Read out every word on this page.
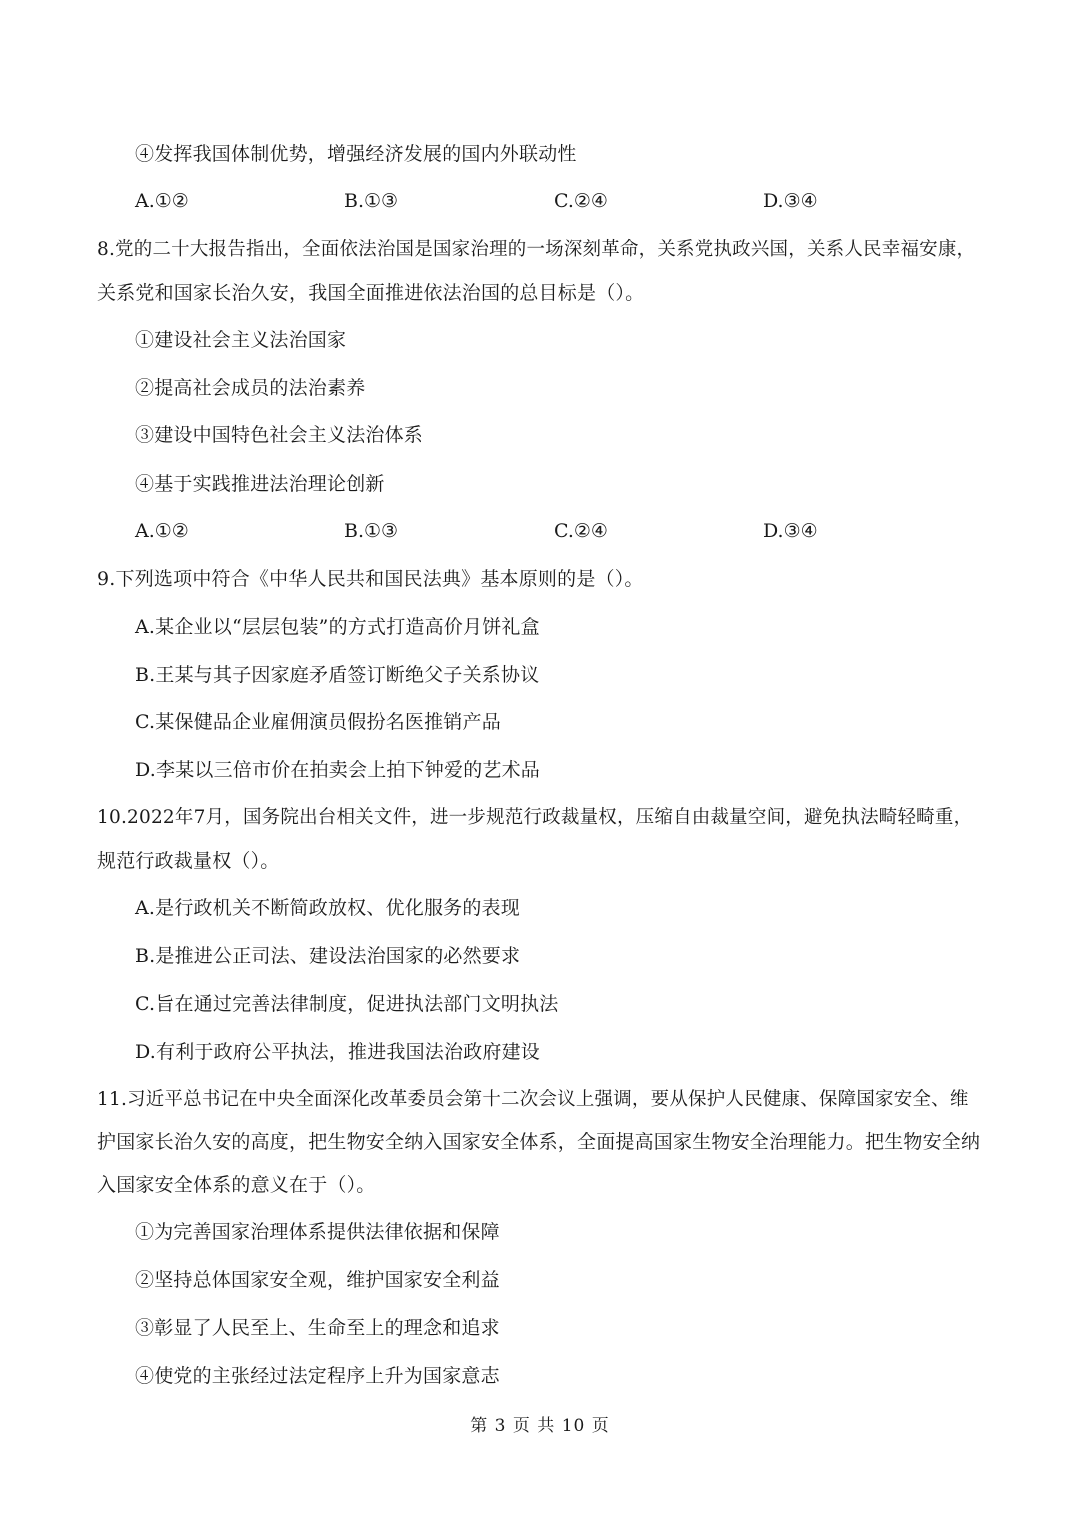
④发挥我国体制优势，增强经济发展的国内外联动性
A.①②	B.①③	C.②④	D.③④
8.党的二十大报告指出，全面依法治国是国家治理的一场深刻革命，关系党执政兴国，关系人民幸福安康，
关系党和国家长治久安，我国全面推进依法治国的总目标是（）。
①建设社会主义法治国家
②提高社会成员的法治素养
③建设中国特色社会主义法治体系
④基于实践推进法治理论创新
A.①②	B.①③	C.②④	D.③④
9.下列选项中符合《中华人民共和国民法典》基本原则的是（）。
A.某企业以“层层包装”的方式打造高价月饼礼盒
B.王某与其子因家庭矛盾签订断绝父子关系协议
C.某保健品企业雇佣演员假扮名医推销产品
D.李某以三倍市价在拍卖会上拍下钟爱的艺术品
10.2022年7月，国务院出台相关文件，进一步规范行政裁量权，压缩自由裁量空间，避免执法畸轻畸重，
规范行政裁量权（）。
A.是行政机关不断简政放权、优化服务的表现
B.是推进公正司法、建设法治国家的必然要求
C.旨在通过完善法律制度，促进执法部门文明执法
D.有利于政府公平执法，推进我国法治政府建设
11.习近平总书记在中央全面深化改革委员会第十二次会议上强调，要从保护人民健康、保障国家安全、维
护国家长治久安的高度，把生物安全纳入国家安全体系，全面提高国家生物安全治理能力。把生物安全纳
入国家安全体系的意义在于（）。
①为完善国家治理体系提供法律依据和保障
②坚持总体国家安全观，维护国家安全利益
③彰显了人民至上、生命至上的理念和追求
④使党的主张经过法定程序上升为国家意志
第 3 页 共 10 页
